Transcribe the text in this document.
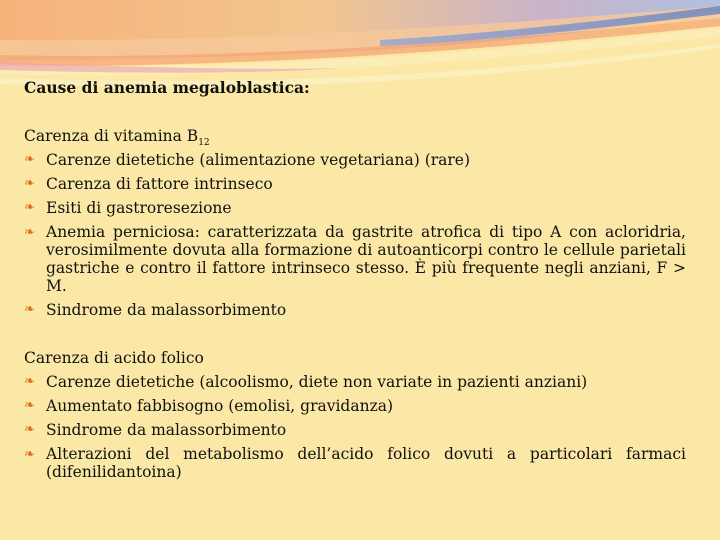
Cause di anemia megaloblastica:

Carenza di vitamina $B_{12}$

❧ Carenze dietetiche (alimentazione vegetariana) (rare)
❧ Carenza di fattore intrinseco
❧ Esiti di gastroresezione
❧ Anemia perniciosa: caratterizzata da gastrite atrofica di tipo A con acloridria, verosimilmente dovuta alla formazione di autoanticorpi contro le cellule parietali gastriche e contro il fattore intrinseco stesso. È più frequente negli anziani, F > M.
❧ Sindrome da malassorbimento

Carenza di acido folico

❧ Carenze dietetiche (alcoolismo, diete non variate in pazienti anziani)
❧ Aumentato fabbisogno (emolisi, gravidanza)
❧ Sindrome da malassorbimento
❧ Alterazioni del metabolismo dell’acido folico dovuti a particolari farmaci (difenilidantoina)
